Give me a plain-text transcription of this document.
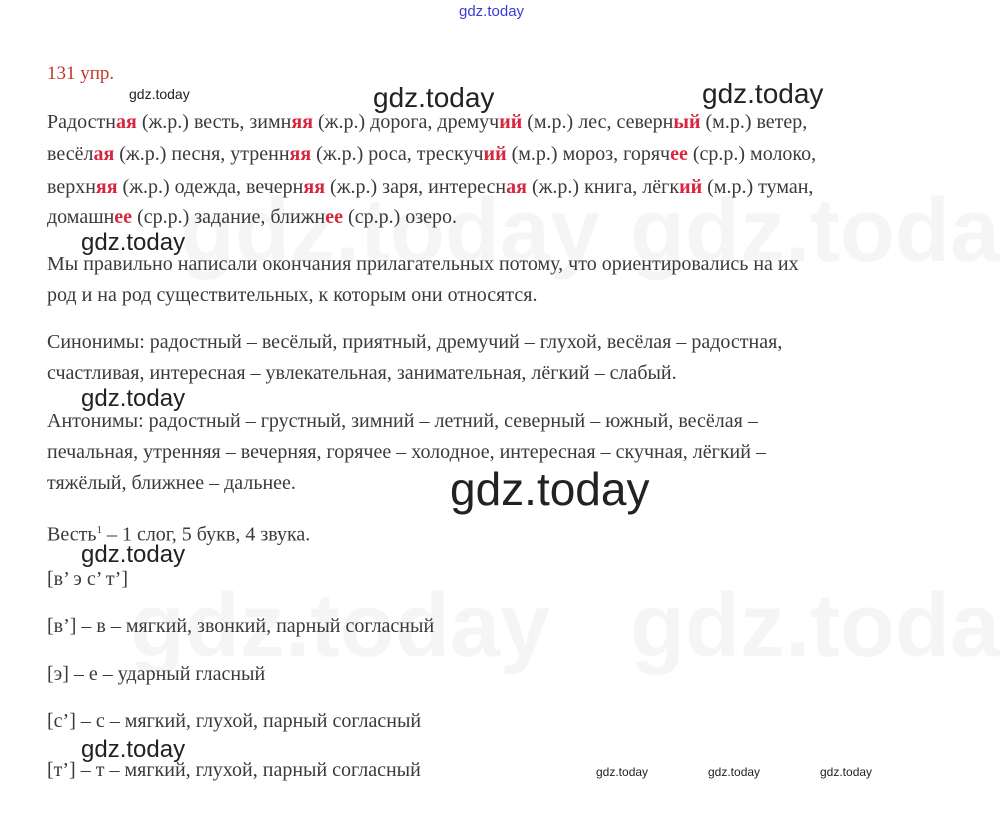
gdz.today
gdz.today	gdz.today	gdz.today
gdz.today
gdz.today
gdz.today
gdz.today
gdz.today
gdz.today	gdz.today	gdz.today
131 упр.
Радостная (ж.р.) весть, зимняя (ж.р.) дорога, дремучий (м.р.) лес, северный (м.р.) ветер,
весёлая (ж.р.) песня, утренняя (ж.р.) роса, трескучий (м.р.) мороз, горячее (ср.р.) молоко,
верхняя (ж.р.) одежда, вечерняя (ж.р.) заря, интересная (ж.р.) книга, лёгкий (м.р.) туман,
домашнее (ср.р.) задание, ближнее (ср.р.) озеро.
Мы правильно написали окончания прилагательных потому, что ориентировались на их
род и на род существительных, к которым они относятся.
Синонимы: радостный – весёлый, приятный, дремучий – глухой, весёлая – радостная,
счастливая, интересная – увлекательная, занимательная, лёгкий – слабый.
Антонимы: радостный – грустный, зимний – летний, северный – южный, весёлая –
печальная, утренняя – вечерняя, горячее – холодное, интересная – скучная, лёгкий –
тяжёлый, ближнее – дальнее.
Весть$^1$ – 1 слог, 5 букв, 4 звука.
[в’ э с’ т’]
[в’] – в – мягкий, звонкий, парный согласный
[э] – е – ударный гласный
[с’] – с – мягкий, глухой, парный согласный
[т’] – т – мягкий, глухой, парный согласный
